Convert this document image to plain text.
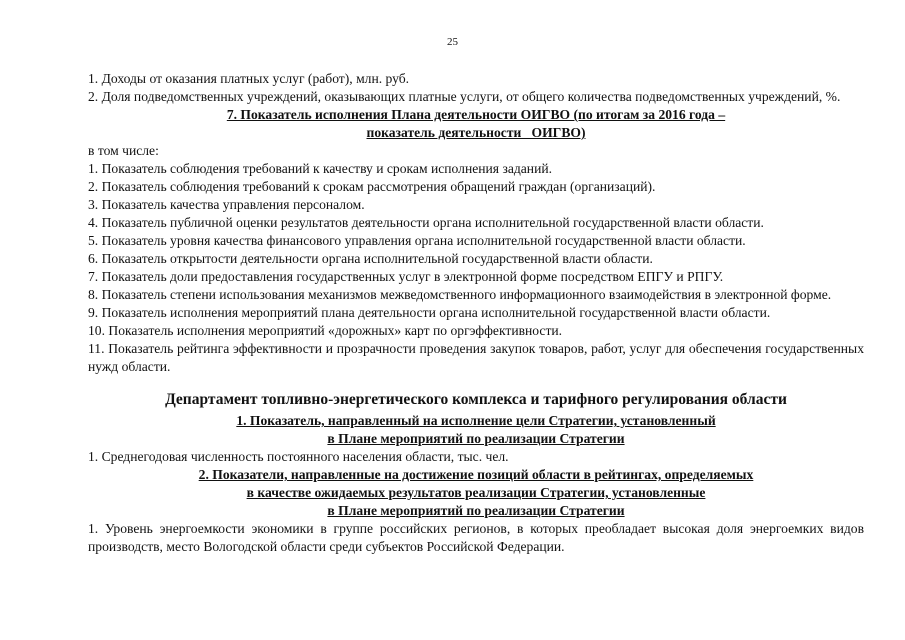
25

1. Доходы от оказания платных услуг (работ), млн. руб.

2. Доля подведомственных учреждений, оказывающих платные услуги, от общего количества подведомственных учреждений, %.

7. Показатель исполнения Плана деятельности ОИГВО (по итогам за 2016 года –

показатель деятельности   ОИГВО)

в том числе:

1. Показатель соблюдения требований к качеству и срокам исполнения заданий.

2. Показатель соблюдения требований к срокам рассмотрения обращений граждан (организаций).

3. Показатель качества управления персоналом.

4. Показатель публичной оценки результатов деятельности органа исполнительной государственной власти области.

5. Показатель уровня качества финансового управления органа исполнительной государственной власти области.

6. Показатель открытости деятельности органа исполнительной государственной власти области.

7. Показатель доли предоставления государственных услуг в электронной форме посредством ЕПГУ и РПГУ.

8. Показатель степени использования механизмов межведомственного информационного взаимодействия в электронной форме.

9. Показатель исполнения мероприятий плана деятельности органа исполнительной государственной власти области.

10. Показатель исполнения мероприятий «дорожных» карт по оргэффективности.

11. Показатель рейтинга эффективности и прозрачности проведения закупок товаров, работ, услуг для обеспечения государственных нужд области.

Департамент топливно-энергетического комплекса и тарифного регулирования области

1. Показатель, направленный на исполнение цели Стратегии, установленный

в Плане мероприятий по реализации Стратегии

1. Среднегодовая численность постоянного населения области, тыс. чел.

2. Показатели, направленные на достижение позиций области в рейтингах, определяемых

в качестве ожидаемых результатов реализации Стратегии, установленные

в Плане мероприятий по реализации Стратегии

1. Уровень энергоемкости экономики в группе российских регионов, в которых преобладает высокая доля энергоемких видов производств, место Вологодской области среди субъектов Российской Федерации.
